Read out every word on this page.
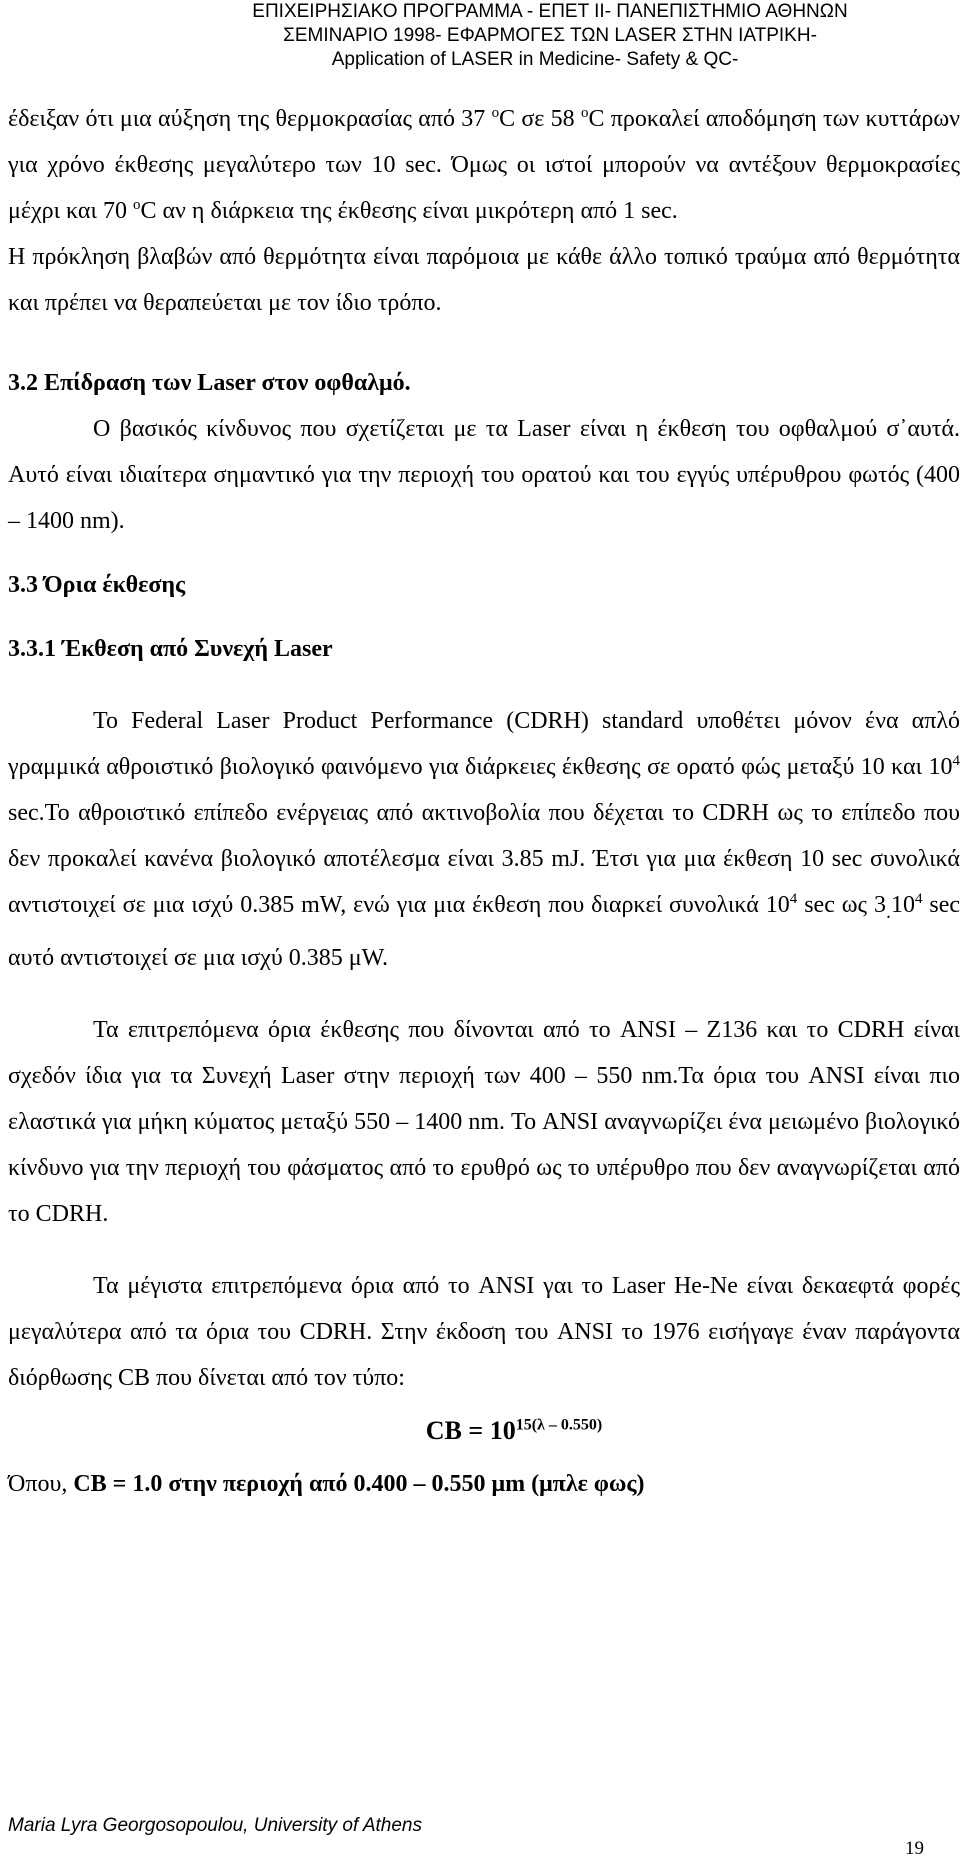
ΕΠΙΧΕΙΡΗΣΙΑΚΟ ΠΡΟΓΡΑΜΜΑ - ΕΠΕΤ II- ΠΑΝΕΠΙΣΤΗΜΙΟ ΑΘΗΝΩΝ
ΣΕΜΙΝΑΡΙΟ 1998- ΕΦΑΡΜΟΓΕΣ ΤΩΝ LASER ΣΤΗΝ ΙΑΤΡΙΚΗ-
Application of LASER in Medicine- Safety & QC-

έδειξαν ότι μια αύξηση της θερμοκρασίας από 37 $^o$C σε 58 $^o$C προκαλεί αποδόμηση των κυττάρων για χρόνο έκθεσης μεγαλύτερο των 10 sec. Όμως οι ιστοί μπορούν να αντέξουν θερμοκρασίες μέχρι και 70 $^o$C αν η διάρκεια της έκθεσης είναι μικρότερη από 1 sec.

Η πρόκληση βλαβών από θερμότητα είναι παρόμοια με κάθε άλλο τοπικό τραύμα από θερμότητα και πρέπει να θεραπεύεται με τον ίδιο τρόπο.

3.2 Επίδραση των Laser στον οφθαλμό.

Ο βασικός κίνδυνος που σχετίζεται με τα Laser είναι η έκθεση του οφθαλμού σ᾽αυτά. Αυτό είναι ιδιαίτερα σημαντικό για την περιοχή του ορατού και του εγγύς υπέρυθρου φωτός (400 – 1400 nm).

3.3 Όρια έκθεσης

3.3.1 Έκθεση από Συνεχή Laser

Το Federal Laser Product Performance (CDRH) standard υποθέτει μόνον ένα απλό γραμμικά αθροιστικό βιολογικό φαινόμενο για διάρκειες έκθεσης σε ορατό φώς μεταξύ 10 και $10^4$ sec.Το αθροιστικό επίπεδο ενέργειας από ακτινοβολία που δέχεται το CDRH ως το επίπεδο που δεν προκαλεί κανένα βιολογικό αποτέλεσμα είναι 3.85 mJ. Έτσι για μια έκθεση 10 sec συνολικά αντιστοιχεί σε μια ισχύ 0.385 mW, ενώ για μια έκθεση που διαρκεί συνολικά $10^4$ sec ως $3_.10^4$ sec αυτό αντιστοιχεί σε μια ισχύ 0.385 μW.

Τα επιτρεπόμενα όρια έκθεσης που δίνονται από το ANSI – Z136 και το CDRH είναι σχεδόν ίδια για τα Συνεχή Laser στην περιοχή των 400 – 550 nm.Τα όρια του ANSI είναι πιο ελαστικά για μήκη κύματος μεταξύ 550 – 1400 nm. Το ANSI αναγνωρίζει ένα μειωμένο βιολογικό κίνδυνο για την περιοχή του φάσματος από το ερυθρό ως το υπέρυθρο που δεν αναγνωρίζεται από το CDRH.

Τα μέγιστα επιτρεπόμενα όρια από το ANSI γαι το Laser He-Ne είναι δεκαεφτά φορές μεγαλύτερα από τα όρια του CDRH. Στην έκδοση του ANSI το 1976 εισήγαγε έναν παράγοντα διόρθωσης CB που δίνεται από τον τύπο:

CB = $10^{15(\lambda - 0.550)}$

Όπου, CB = 1.0 στην περιοχή από 0.400 – 0.550 μm (μπλε φως)

Maria Lyra Georgosopoulou, University of Athens
19
